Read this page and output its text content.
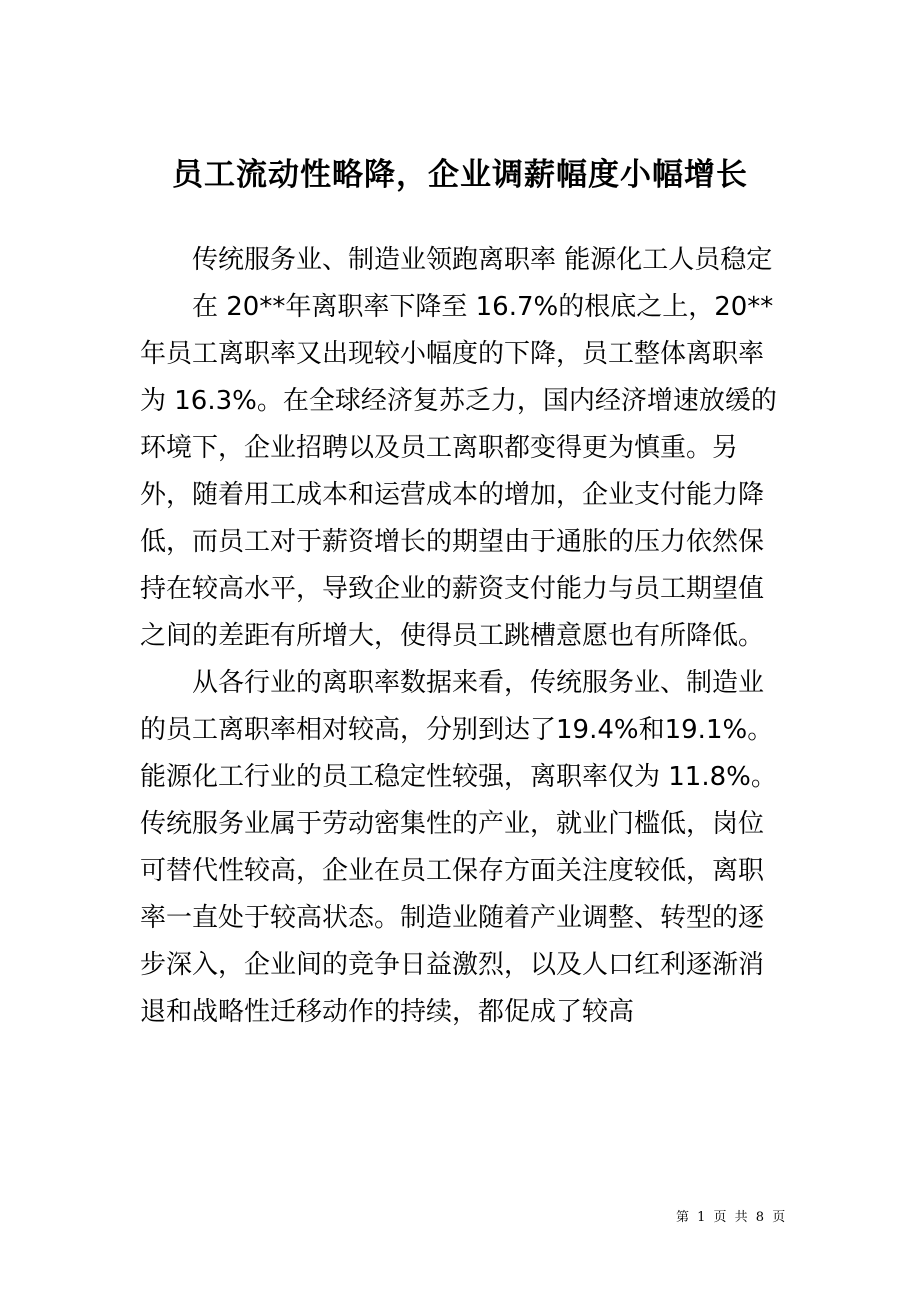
员工流动性略降，企业调薪幅度小幅增长

传统服务业、制造业领跑离职率 能源化工人员稳定

在 20**年离职率下降至 16.7%的根底之上，20**年员工离职率又出现较小幅度的下降，员工整体离职率为 16.3%。在全球经济复苏乏力，国内经济增速放缓的环境下，企业招聘以及员工离职都变得更为慎重。另外，随着用工成本和运营成本的增加，企业支付能力降低，而员工对于薪资增长的期望由于通胀的压力依然保持在较高水平，导致企业的薪资支付能力与员工期望值之间的差距有所增大，使得员工跳槽意愿也有所降低。

从各行业的离职率数据来看，传统服务业、制造业的员工离职率相对较高，分别到达了19.4%和19.1%。能源化工行业的员工稳定性较强，离职率仅为 11.8%。传统服务业属于劳动密集性的产业，就业门槛低，岗位可替代性较高，企业在员工保存方面关注度较低，离职率一直处于较高状态。制造业随着产业调整、转型的逐步深入，企业间的竞争日益激烈，以及人口红利逐渐消退和战略性迁移动作的持续，都促成了较高

第 1 页 共 8 页
